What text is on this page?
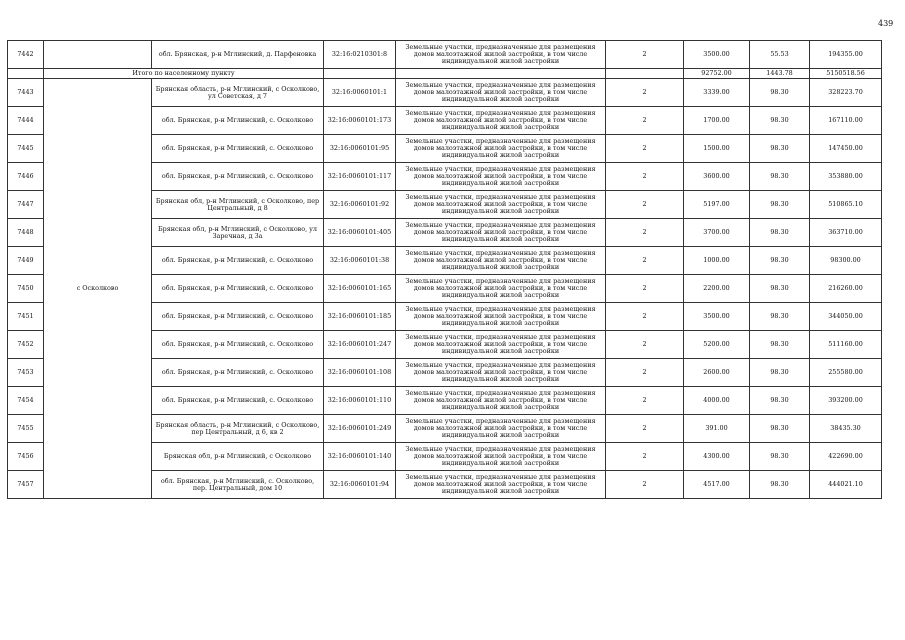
439
7442		обл. Брянская, р-н Мглинский, д. Парфеновка	32:16:0210301:8	Земельные участки, предназначенные для размещения домов малоэтажной жилой застройки, в том числе индивидуальной жилой застройки	2	3500.00	55.53	194355.00
	Итого по населенному пункту					92752.00	1443.78	5150518.56
7443	с Осколково	Брянская область, р-н Мглинский, с Осколково, ул Советская, д 7	32:16:0060101:1	Земельные участки, предназначенные для размещения домов малоэтажной жилой застройки, в том числе индивидуальной жилой застройки	2	3339.00	98.30	328223.70
7444		обл. Брянская, р-н Мглинский, с. Осколково	32:16:0060101:173	Земельные участки, предназначенные для размещения домов малоэтажной жилой застройки, в том числе индивидуальной жилой застройки	2	1700.00	98.30	167110.00
7445		обл. Брянская, р-н Мглинский, с. Осколково	32:16:0060101:95	Земельные участки, предназначенные для размещения домов малоэтажной жилой застройки, в том числе индивидуальной жилой застройки	2	1500.00	98.30	147450.00
7446		обл. Брянская, р-н Мглинский, с. Осколково	32:16:0060101:117	Земельные участки, предназначенные для размещения домов малоэтажной жилой застройки, в том числе индивидуальной жилой застройки	2	3600.00	98.30	353880.00
7447		Брянская обл, р-н Мглинский, с Осколково, пер Центральный, д 8	32:16:0060101:92	Земельные участки, предназначенные для размещения домов малоэтажной жилой застройки, в том числе индивидуальной жилой застройки	2	5197.00	98.30	510865.10
7448		Брянская обл, р-н Мглинский, с Осколково, ул Заречная, д 3а	32:16:0060101:405	Земельные участки, предназначенные для размещения домов малоэтажной жилой застройки, в том числе индивидуальной жилой застройки	2	3700.00	98.30	363710.00
7449		обл. Брянская, р-н Мглинский, с. Осколково	32:16:0060101:38	Земельные участки, предназначенные для размещения домов малоэтажной жилой застройки, в том числе индивидуальной жилой застройки	2	1000.00	98.30	98300.00
7450		обл. Брянская, р-н Мглинский, с. Осколково	32:16:0060101:165	Земельные участки, предназначенные для размещения домов малоэтажной жилой застройки, в том числе индивидуальной жилой застройки	2	2200.00	98.30	216260.00
7451		обл. Брянская, р-н Мглинский, с. Осколково	32:16:0060101:185	Земельные участки, предназначенные для размещения домов малоэтажной жилой застройки, в том числе индивидуальной жилой застройки	2	3500.00	98.30	344050.00
7452		обл. Брянская, р-н Мглинский, с. Осколково	32:16:0060101:247	Земельные участки, предназначенные для размещения домов малоэтажной жилой застройки, в том числе индивидуальной жилой застройки	2	5200.00	98.30	511160.00
7453		обл. Брянская, р-н Мглинский, с. Осколково	32:16:0060101:108	Земельные участки, предназначенные для размещения домов малоэтажной жилой застройки, в том числе индивидуальной жилой застройки	2	2600.00	98.30	255580.00
7454		обл. Брянская, р-н Мглинский, с. Осколково	32:16:0060101:110	Земельные участки, предназначенные для размещения домов малоэтажной жилой застройки, в том числе индивидуальной жилой застройки	2	4000.00	98.30	393200.00
7455		Брянская область, р-н Мглинский, с Осколково, пер Центральный, д 6, кв 2	32:16:0060101:249	Земельные участки, предназначенные для размещения домов малоэтажной жилой застройки, в том числе индивидуальной жилой застройки	2	391.00	98.30	38435.30
7456		Брянская обл, р-н Мглинский, с Осколково	32:16:0060101:140	Земельные участки, предназначенные для размещения домов малоэтажной жилой застройки, в том числе индивидуальной жилой застройки	2	4300.00	98.30	422690.00
7457		обл. Брянская, р-н Мглинский, с. Осколково, пер. Центральный, дом 10	32:16:0060101:94	Земельные участки, предназначенные для размещения домов малоэтажной жилой застройки, в том числе индивидуальной жилой застройки	2	4517.00	98.30	444021.10
